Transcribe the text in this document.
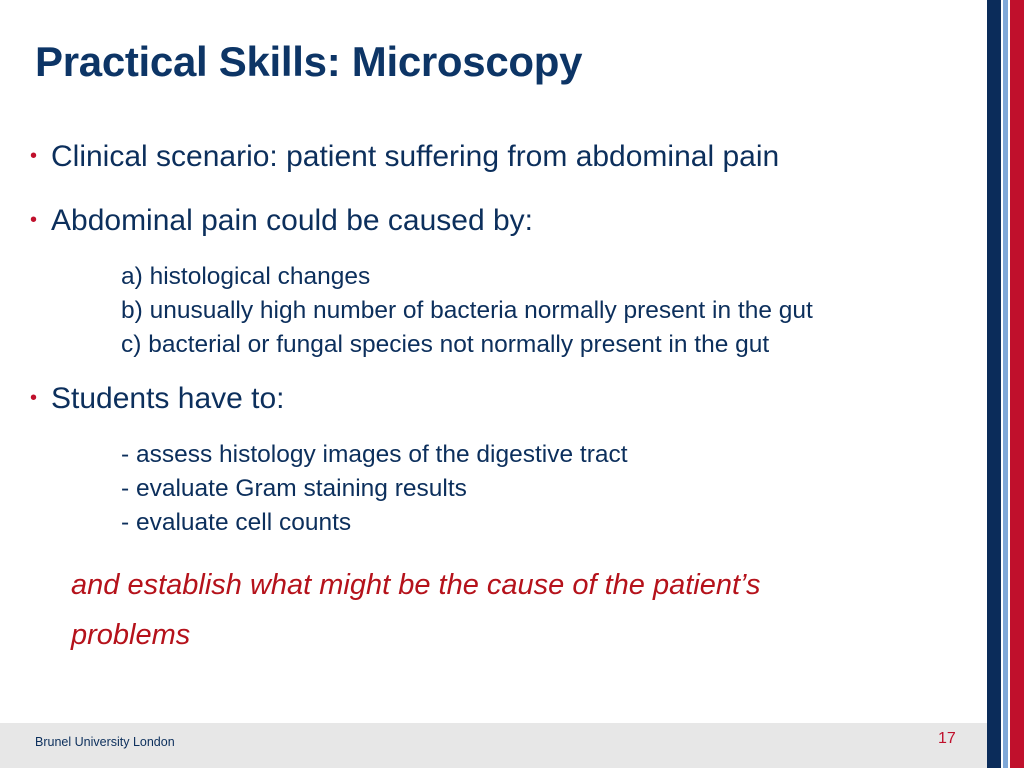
Practical Skills: Microscopy
• Clinical scenario: patient suffering from abdominal pain
• Abdominal pain could be caused by:
a) histological changes
b) unusually high number of bacteria normally present in the gut
c) bacterial or fungal species not normally present in the gut
• Students have to:
- assess histology images of the digestive tract
- evaluate Gram staining results
- evaluate cell counts
and establish what might be the cause of the patient’s
problems
Brunel University London	17
